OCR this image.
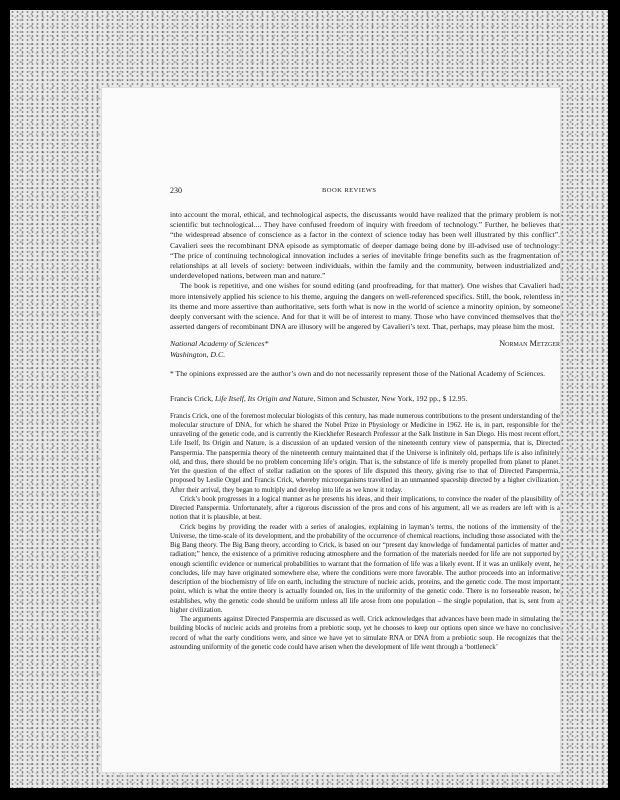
230	BOOK REVIEWS

into account the moral, ethical, and technological aspects, the discussants would have realized that the primary problem is not scientific but technological.... They have confused freedom of inquiry with freedom of technology.” Further, he believes that “the widespread absence of conscience as a factor in the context of science today has been well illustrated by this conflict”. Cavalieri sees the recombinant DNA episode as symptomatic of deeper damage being done by ill-advised use of technology: “The price of continuing technological innovation includes a series of inevitable fringe benefits such as the fragmentation of relationships at all levels of society: between individuals, within the family and the community, between industrialized and underdeveloped nations, between man and nature.”

The book is repetitive, and one wishes for sound editing (and proofreading, for that matter). One wishes that Cavalieri had more intensively applied his science to his theme, arguing the dangers on well-referenced specifics. Still, the book, relentless in its theme and more assertive than authoritative, sets forth what is now in the world of science a minority opinion, by someone deeply conversant with the science. And for that it will be of interest to many. Those who have convinced themselves that the asserted dangers of recombinant DNA are illusory will be angered by Cavalieri’s text. That, perhaps, may please him the most.

National Academy of Sciences*
Washington, D.C.
Norman Metzger

* The opinions expressed are the author’s own and do not necessarily represent those of the National Academy of Sciences.

Francis Crick, Life Itself, Its Origin and Nature, Simon and Schuster, New York, 192 pp., $ 12.95.

Francis Crick, one of the foremost molecular biologists of this century, has made numerous contributions to the present understanding of the molecular structure of DNA, for which he shared the Nobel Prize in Physiology or Medicine in 1962. He is, in part, responsible for the unraveling of the genetic code, and is currently the Kieckhefer Research Professor at the Salk Institute in San Diego. His most recent effort, Life Itself, Its Origin and Nature, is a discussion of an updated version of the nineteenth century view of panspermia, that is, Directed Panspermia. The panspermia theory of the nineteenth century maintained that if the Universe is infinitely old, perhaps life is also infinitely old, and thus, there should be no problem concerning life’s origin. That is, the substance of life is merely propelled from planet to planet. Yet the question of the effect of stellar radiation on the spores of life disputed this theory, giving rise to that of Directed Panspermia, proposed by Leslie Orgel and Francis Crick, whereby microorganisms travelled in an unmanned spaceship directed by a higher civilization. After their arrival, they began to multiply and develop into life as we know it today.

Crick’s book progresses in a logical manner as he presents his ideas, and their implications, to convince the reader of the plausibility of Directed Panspermia. Unfortunately, after a rigorous discussion of the pros and cons of his argument, all we as readers are left with is a notion that it is plausible, at best.

Crick begins by providing the reader with a series of analogies, explaining in layman’s terms, the notions of the immensity of the Universe, the time-scale of its development, and the probability of the occurrence of chemical reactions, including those associated with the Big Bang theory. The Big Bang theory, according to Crick, is based on our “present day knowledge of fundamental particles of matter and radiation;” hence, the existence of a primitive reducing atmosphere and the formation of the materials needed for life are not supported by enough scientific evidence or numerical probabilities to warrant that the formation of life was a likely event. If it was an unlikely event, he concludes, life may have originated somewhere else, where the conditions were more favorable. The author proceeds into an informative description of the biochemistry of life on earth, including the structure of nucleic acids, proteins, and the genetic code. The most important point, which is what the entire theory is actually founded on, lies in the uniformity of the genetic code. There is no forseeable reason, he establishes, why the genetic code should be uniform unless all life arose from one population – the single population, that is, sent from a higher civilization.

The arguments against Directed Panspermia are discussed as well. Crick acknowledges that advances have been made in simulating the building blocks of nucleic acids and proteins from a prebiotic soup, yet he chooses to keep our options open since we have no conclusive record of what the early conditions were, and since we have yet to simulate RNA or DNA from a prebiotic soup. He recognizes that the astounding uniformity of the genetic code could have arisen when the development of life went through a ‘bottleneck’
